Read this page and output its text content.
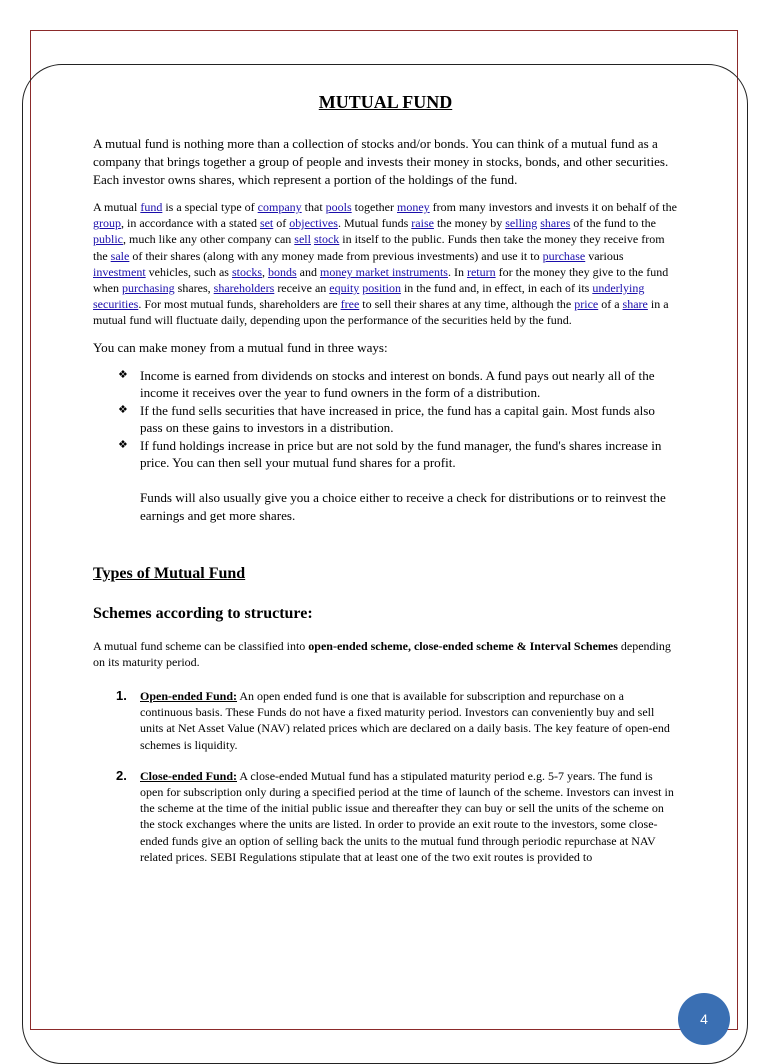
MUTUAL FUND

A mutual fund is nothing more than a collection of stocks and/or bonds. You can think of a mutual fund as a company that brings together a group of people and invests their money in stocks, bonds, and other securities. Each investor owns shares, which represent a portion of the holdings of the fund.

A mutual fund is a special type of company that pools together money from many investors and invests it on behalf of the group, in accordance with a stated set of objectives. Mutual funds raise the money by selling shares of the fund to the public, much like any other company can sell stock in itself to the public. Funds then take the money they receive from the sale of their shares (along with any money made from previous investments) and use it to purchase various investment vehicles, such as stocks, bonds and money market instruments. In return for the money they give to the fund when purchasing shares, shareholders receive an equity position in the fund and, in effect, in each of its underlying securities. For most mutual funds, shareholders are free to sell their shares at any time, although the price of a share in a mutual fund will fluctuate daily, depending upon the performance of the securities held by the fund.

You can make money from a mutual fund in three ways:

❖ Income is earned from dividends on stocks and interest on bonds. A fund pays out nearly all of the income it receives over the year to fund owners in the form of a distribution.
❖ If the fund sells securities that have increased in price, the fund has a capital gain. Most funds also pass on these gains to investors in a distribution.
❖ If fund holdings increase in price but are not sold by the fund manager, the fund's shares increase in price. You can then sell your mutual fund shares for a profit.

Funds will also usually give you a choice either to receive a check for distributions or to reinvest the earnings and get more shares.

Types of Mutual Fund
Schemes according to structure:

A mutual fund scheme can be classified into open-ended scheme, close-ended scheme & Interval Schemes depending on its maturity period.

1. Open-ended Fund: An open ended fund is one that is available for subscription and repurchase on a continuous basis. These Funds do not have a fixed maturity period. Investors can conveniently buy and sell units at Net Asset Value (NAV) related prices which are declared on a daily basis. The key feature of open-end schemes is liquidity.
2. Close-ended Fund: A close-ended Mutual fund has a stipulated maturity period e.g. 5-7 years. The fund is open for subscription only during a specified period at the time of launch of the scheme. Investors can invest in the scheme at the time of the initial public issue and thereafter they can buy or sell the units of the scheme on the stock exchanges where the units are listed. In order to provide an exit route to the investors, some close-ended funds give an option of selling back the units to the mutual fund through periodic repurchase at NAV related prices. SEBI Regulations stipulate that at least one of the two exit routes is provided to
4
